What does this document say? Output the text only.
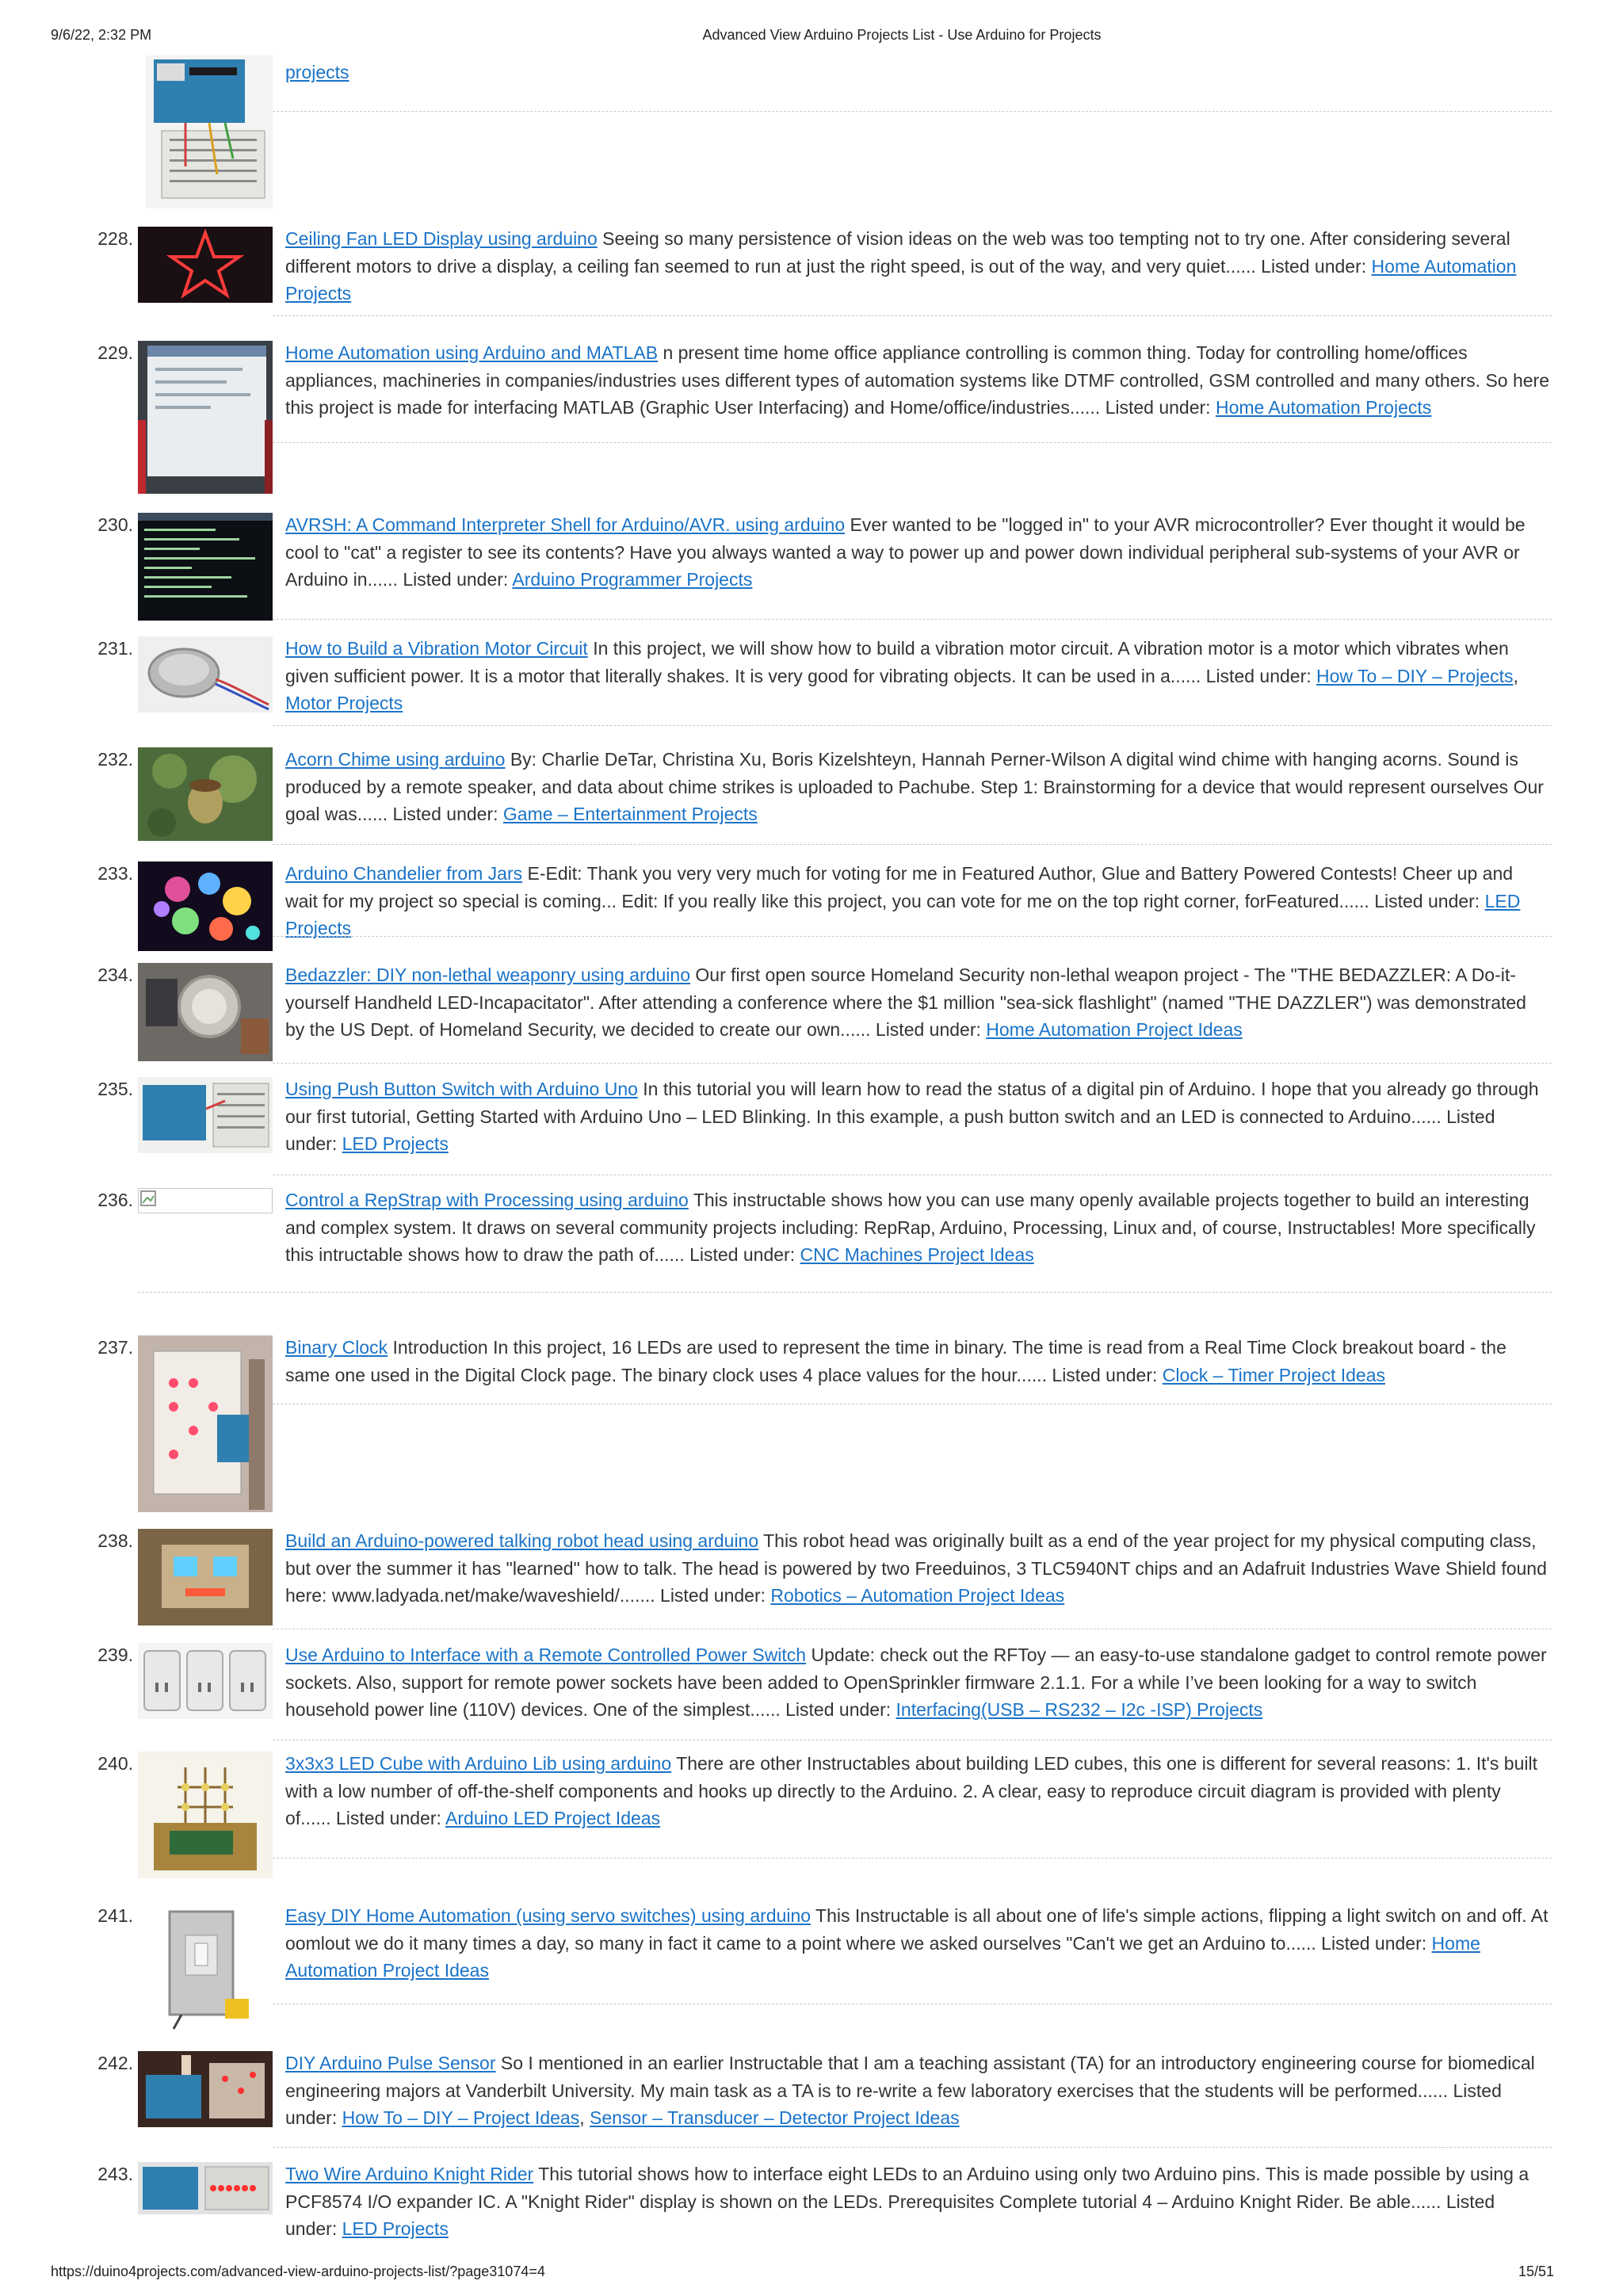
9/6/22, 2:32 PM	Advanced View Arduino Projects List - Use Arduino for Projects
projects
228.	Ceiling Fan LED Display using arduino Seeing so many persistence of vision ideas on the web was too tempting not to try one. After considering several different motors to drive a display, a ceiling fan seemed to run at just the right speed, is out of the way, and very quiet...... Listed under: Home Automation Projects
229.	Home Automation using Arduino and MATLAB n present time home office appliance controlling is common thing. Today for controlling home/offices appliances, machineries in companies/industries uses different types of automation systems like DTMF controlled, GSM controlled and many others. So here this project is made for interfacing MATLAB (Graphic User Interfacing) and Home/office/industries...... Listed under: Home Automation Projects
230.	AVRSH: A Command Interpreter Shell for Arduino/AVR. using arduino Ever wanted to be "logged in" to your AVR microcontroller? Ever thought it would be cool to "cat" a register to see its contents? Have you always wanted a way to power up and power down individual peripheral sub-systems of your AVR or Arduino in...... Listed under: Arduino Programmer Projects
231.	How to Build a Vibration Motor Circuit In this project, we will show how to build a vibration motor circuit. A vibration motor is a motor which vibrates when given sufficient power. It is a motor that literally shakes. It is very good for vibrating objects. It can be used in a...... Listed under: How To – DIY – Projects, Motor Projects
232.	Acorn Chime using arduino By: Charlie DeTar, Christina Xu, Boris Kizelshteyn, Hannah Perner-Wilson A digital wind chime with hanging acorns. Sound is produced by a remote speaker, and data about chime strikes is uploaded to Pachube. Step 1: Brainstorming for a device that would represent ourselves Our goal was...... Listed under: Game – Entertainment Projects
233.	Arduino Chandelier from Jars E-Edit: Thank you very very much for voting for me in Featured Author, Glue and Battery Powered Contests! Cheer up and wait for my project so special is coming... Edit: If you really like this project, you can vote for me on the top right corner, forFeatured...... Listed under: LED Projects
234.	Bedazzler: DIY non-lethal weaponry using arduino Our first open source Homeland Security non-lethal weapon project - The "THE BEDAZZLER: A Do-it-yourself Handheld LED-Incapacitator". After attending a conference where the $1 million "sea-sick flashlight" (named "THE DAZZLER") was demonstrated by the US Dept. of Homeland Security, we decided to create our own...... Listed under: Home Automation Project Ideas
235.	Using Push Button Switch with Arduino Uno In this tutorial you will learn how to read the status of a digital pin of Arduino. I hope that you already go through our first tutorial, Getting Started with Arduino Uno – LED Blinking. In this example, a push button switch and an LED is connected to Arduino...... Listed under: LED Projects
236.	Control a RepStrap with Processing using arduino This instructable shows how you can use many openly available projects together to build an interesting and complex system. It draws on several community projects including: RepRap, Arduino, Processing, Linux and, of course, Instructables! More specifically this intructable shows how to draw the path of...... Listed under: CNC Machines Project Ideas
237.	Binary Clock Introduction In this project, 16 LEDs are used to represent the time in binary. The time is read from a Real Time Clock breakout board - the same one used in the Digital Clock page. The binary clock uses 4 place values for the hour...... Listed under: Clock – Timer Project Ideas
238.	Build an Arduino-powered talking robot head using arduino This robot head was originally built as a end of the year project for my physical computing class, but over the summer it has "learned" how to talk. The head is powered by two Freeduinos, 3 TLC5940NT chips and an Adafruit Industries Wave Shield found here: www.ladyada.net/make/waveshield/....... Listed under: Robotics – Automation Project Ideas
239.	Use Arduino to Interface with a Remote Controlled Power Switch Update: check out the RFToy — an easy-to-use standalone gadget to control remote power sockets. Also, support for remote power sockets have been added to OpenSprinkler firmware 2.1.1. For a while I’ve been looking for a way to switch household power line (110V) devices. One of the simplest...... Listed under: Interfacing(USB – RS232 – I2c -ISP) Projects
240.	3x3x3 LED Cube with Arduino Lib using arduino There are other Instructables about building LED cubes, this one is different for several reasons: 1. It's built with a low number of off-the-shelf components and hooks up directly to the Arduino. 2. A clear, easy to reproduce circuit diagram is provided with plenty of...... Listed under: Arduino LED Project Ideas
241.	Easy DIY Home Automation (using servo switches) using arduino This Instructable is all about one of life's simple actions, flipping a light switch on and off. At oomlout we do it many times a day, so many in fact it came to a point where we asked ourselves "Can't we get an Arduino to...... Listed under: Home Automation Project Ideas
242.	DIY Arduino Pulse Sensor So I mentioned in an earlier Instructable that I am a teaching assistant (TA) for an introductory engineering course for biomedical engineering majors at Vanderbilt University. My main task as a TA is to re-write a few laboratory exercises that the students will be performed...... Listed under: How To – DIY – Project Ideas, Sensor – Transducer – Detector Project Ideas
243.	Two Wire Arduino Knight Rider This tutorial shows how to interface eight LEDs to an Arduino using only two Arduino pins. This is made possible by using a PCF8574 I/O expander IC. A "Knight Rider" display is shown on the LEDs. Prerequisites Complete tutorial 4 – Arduino Knight Rider. Be able...... Listed under: LED Projects
https://duino4projects.com/advanced-view-arduino-projects-list/?page31074=4	15/51
